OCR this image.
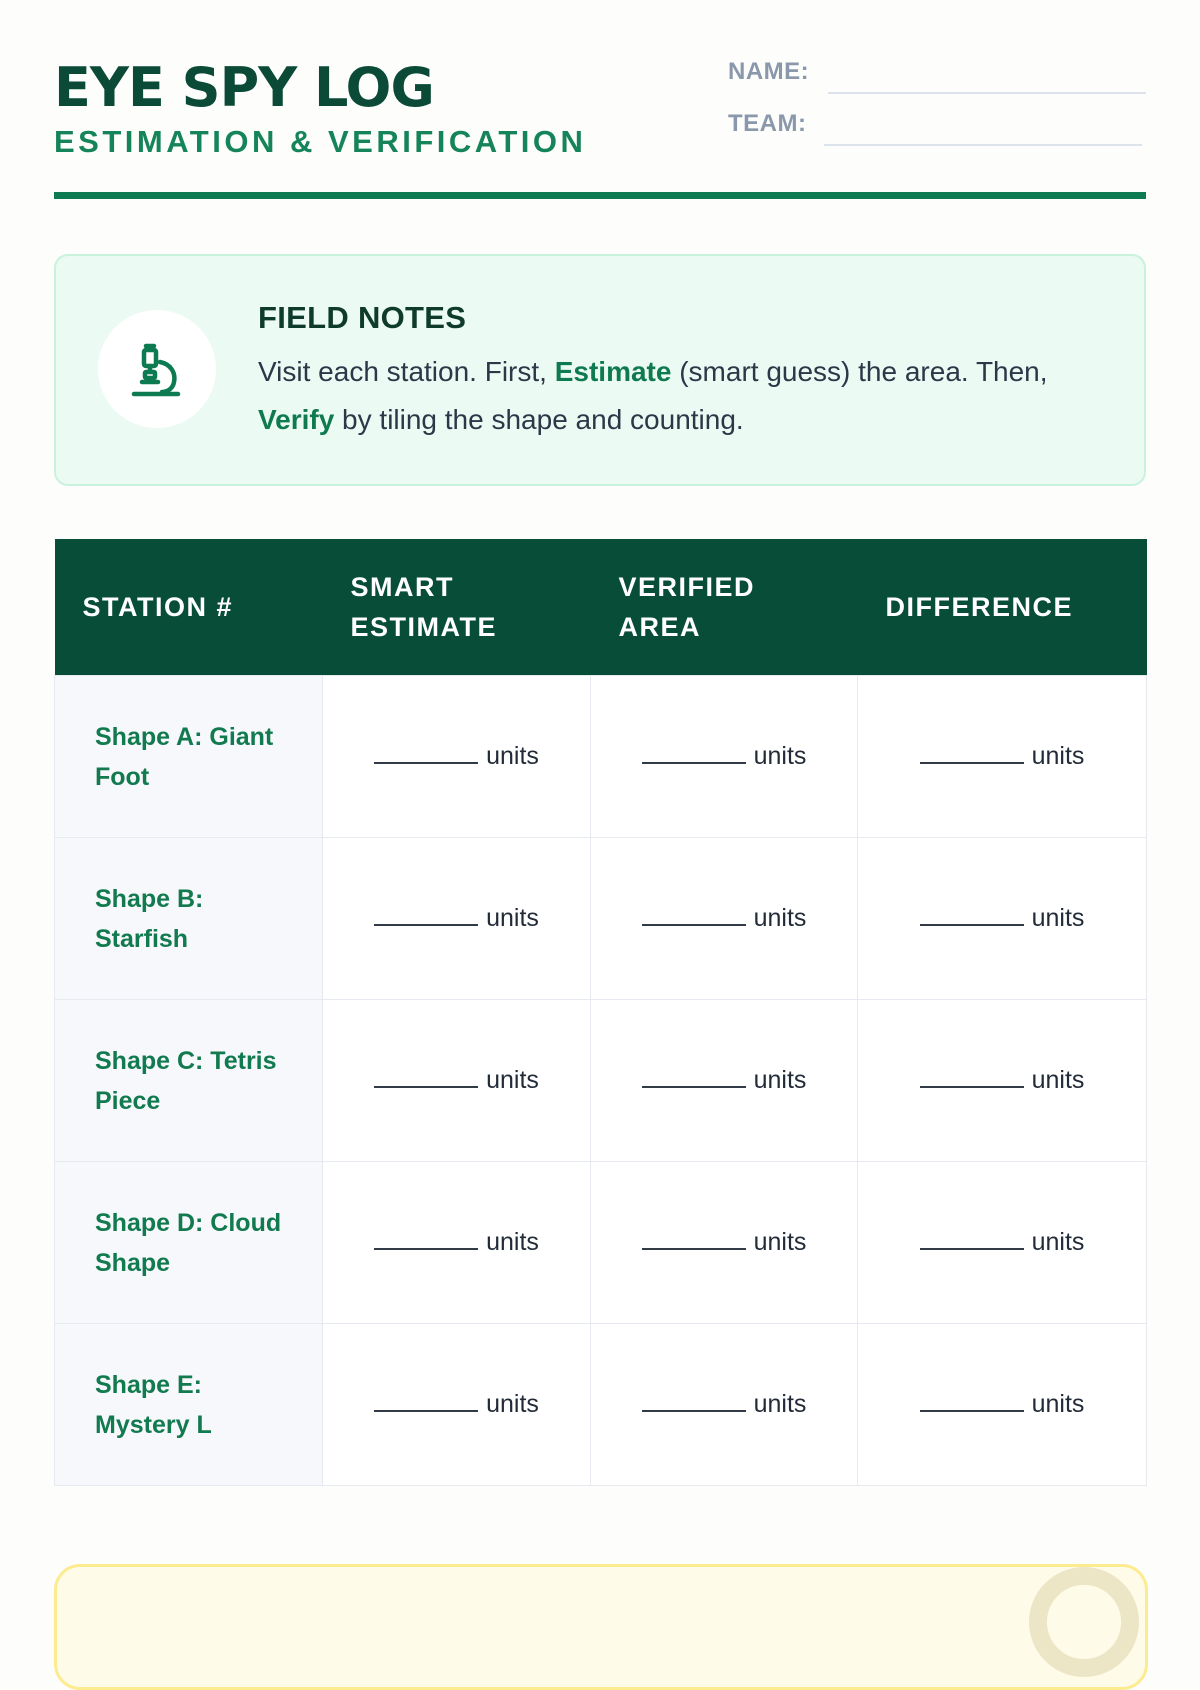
EYE SPY LOG
ESTIMATION & VERIFICATION
NAME:
TEAM:
FIELD NOTES
Visit each station. First, Estimate (smart guess) the area. Then, Verify by tiling the shape and counting.
STATION #	SMART ESTIMATE	VERIFIED AREA	DIFFERENCE
Shape A: Giant Foot	units	units	units
Shape B: Starfish	units	units	units
Shape C: Tetris Piece	units	units	units
Shape D: Cloud Shape	units	units	units
Shape E: Mystery L	units	units	units
